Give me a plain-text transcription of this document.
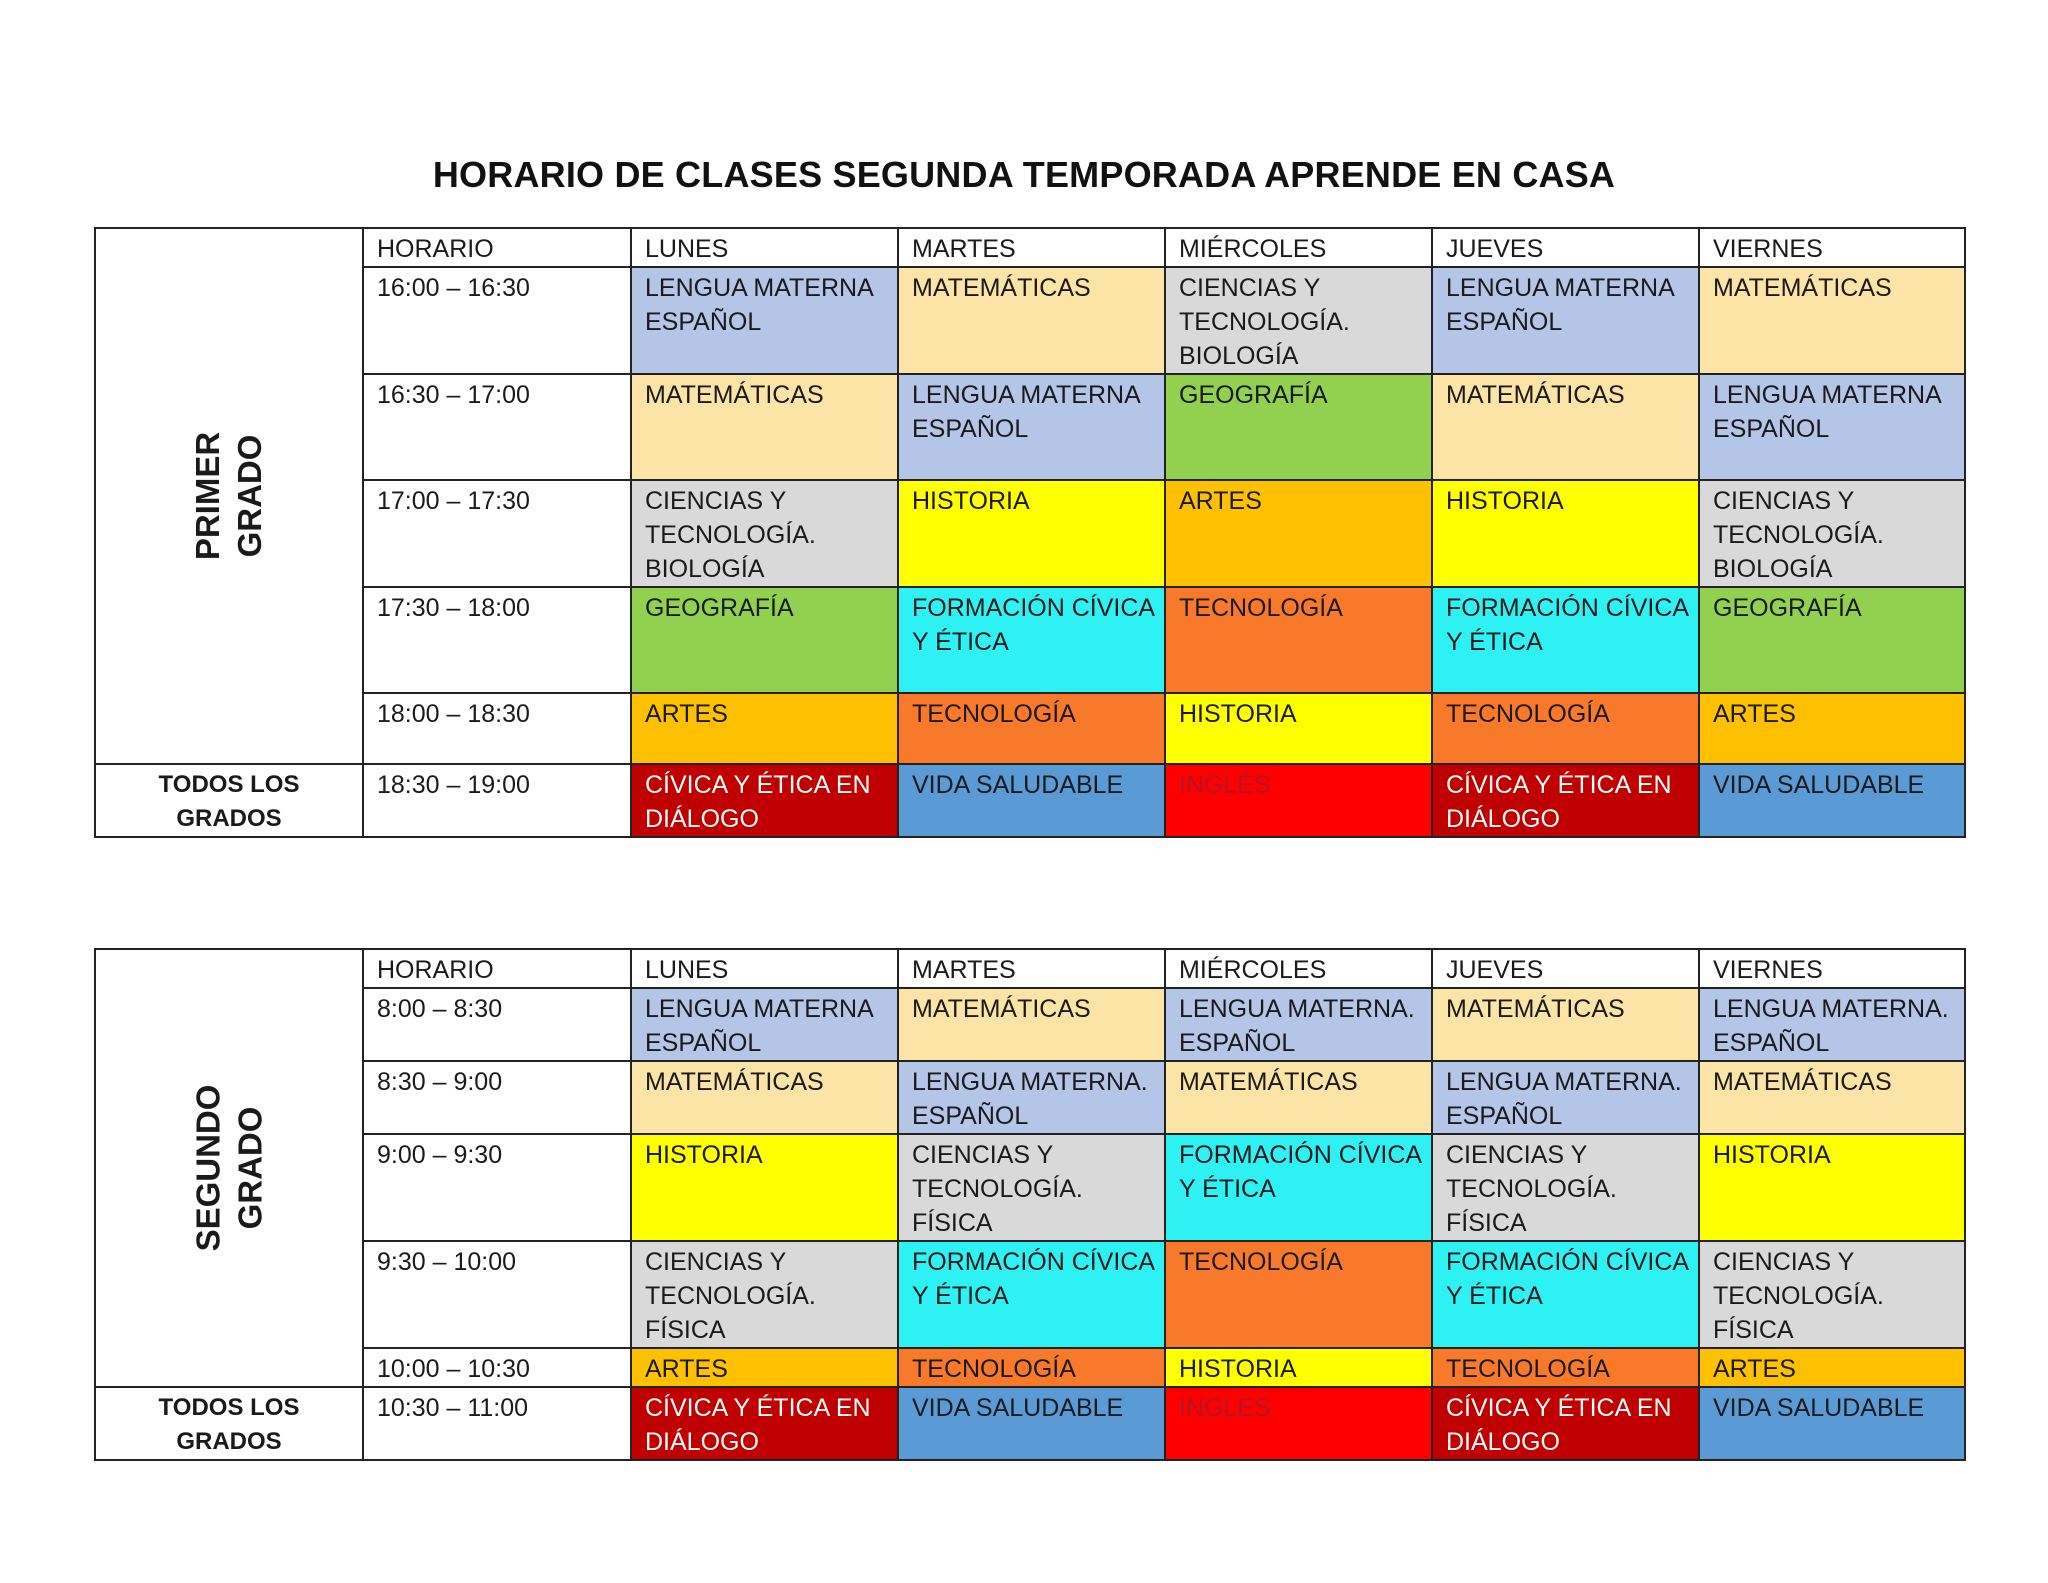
HORARIO DE CLASES SEGUNDA TEMPORADA APRENDE EN CASA
PRIMER GRADO	HORARIO	LUNES	MARTES	MIÉRCOLES	JUEVES	VIERNES
	16:00 – 16:30	LENGUA MATERNA ESPAÑOL	MATEMÁTICAS	CIENCIAS Y TECNOLOGÍA. BIOLOGÍA	LENGUA MATERNA ESPAÑOL	MATEMÁTICAS
	16:30 – 17:00	MATEMÁTICAS	LENGUA MATERNA ESPAÑOL	GEOGRAFÍA	MATEMÁTICAS	LENGUA MATERNA ESPAÑOL
	17:00 – 17:30	CIENCIAS Y TECNOLOGÍA. BIOLOGÍA	HISTORIA	ARTES	HISTORIA	CIENCIAS Y TECNOLOGÍA. BIOLOGÍA
	17:30 – 18:00	GEOGRAFÍA	FORMACIÓN CÍVICA Y ÉTICA	TECNOLOGÍA	FORMACIÓN CÍVICA Y ÉTICA	GEOGRAFÍA
	18:00 – 18:30	ARTES	TECNOLOGÍA	HISTORIA	TECNOLOGÍA	ARTES
TODOS LOS
GRADOS	18:30 – 19:00	CÍVICA Y ÉTICA EN DIÁLOGO	VIDA SALUDABLE	INGLÉS	CÍVICA Y ÉTICA EN DIÁLOGO	VIDA SALUDABLE
SEGUNDO GRADO	HORARIO	LUNES	MARTES	MIÉRCOLES	JUEVES	VIERNES
	8:00 – 8:30	LENGUA MATERNA ESPAÑOL	MATEMÁTICAS	LENGUA MATERNA. ESPAÑOL	MATEMÁTICAS	LENGUA MATERNA. ESPAÑOL
	8:30 – 9:00	MATEMÁTICAS	LENGUA MATERNA. ESPAÑOL	MATEMÁTICAS	LENGUA MATERNA. ESPAÑOL	MATEMÁTICAS
	9:00 – 9:30	HISTORIA	CIENCIAS Y TECNOLOGÍA. FÍSICA	FORMACIÓN CÍVICA Y ÉTICA	CIENCIAS Y TECNOLOGÍA. FÍSICA	HISTORIA
	9:30 – 10:00	CIENCIAS Y TECNOLOGÍA. FÍSICA	FORMACIÓN CÍVICA Y ÉTICA	TECNOLOGÍA	FORMACIÓN CÍVICA Y ÉTICA	CIENCIAS Y TECNOLOGÍA. FÍSICA
	10:00 – 10:30	ARTES	TECNOLOGÍA	HISTORIA	TECNOLOGÍA	ARTES
TODOS LOS
GRADOS	10:30 – 11:00	CÍVICA Y ÉTICA EN DIÁLOGO	VIDA SALUDABLE	INGLES	CÍVICA Y ÉTICA EN DIÁLOGO	VIDA SALUDABLE
